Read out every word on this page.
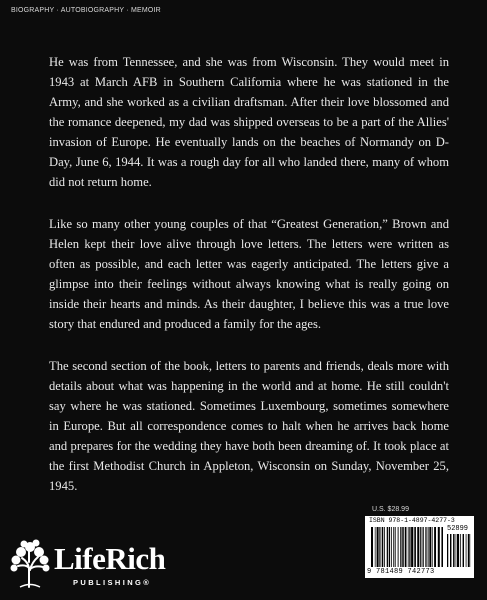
BIOGRAPHY · AUTOBIOGRAPHY · MEMOIR

He was from Tennessee, and she was from Wisconsin. They would meet in 1943 at March AFB in Southern California where he was stationed in the Army, and she worked as a civilian draftsman. After their love blossomed and the romance deepened, my dad was shipped overseas to be a part of the Allies' invasion of Europe. He eventually lands on the beaches of Normandy on D-Day, June 6, 1944. It was a rough day for all who landed there, many of whom did not return home.

Like so many other young couples of that “Greatest Generation,” Brown and Helen kept their love alive through love letters. The letters were written as often as possible, and each letter was eagerly anticipated. The letters give a glimpse into their feelings without always knowing what is really going on inside their hearts and minds. As their daughter, I believe this was a true love story that endured and produced a family for the ages.

The second section of the book, letters to parents and friends, deals more with details about what was happening in the world and at home. He still couldn't say where he was stationed. Sometimes Luxembourg, sometimes somewhere in Europe. But all correspondence comes to halt when he arrives back home and prepares for the wedding they have both been dreaming of. It took place at the first Methodist Church in Appleton, Wisconsin on Sunday, November 25, 1945.

U.S. $28.99
ISBN 978-1-4897-4277-3
52899
9 781489 742773
LifeRich
PUBLISHING®
